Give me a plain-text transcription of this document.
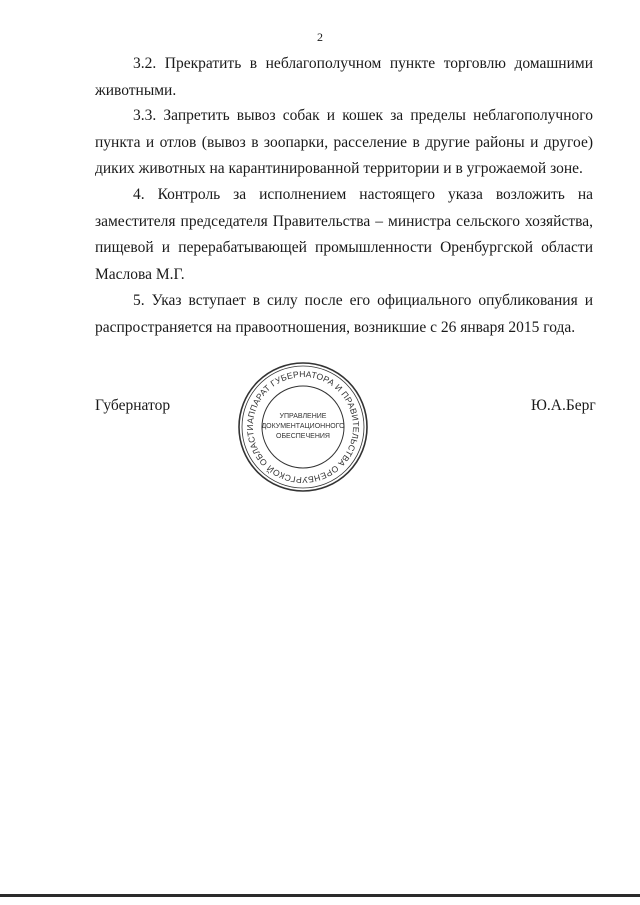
2

3.2. Прекратить в неблагополучном пункте торговлю домашними животными.

3.3. Запретить вывоз собак и кошек за пределы неблагополучного пункта и отлов (вывоз в зоопарки, расселение в другие районы и другое) диких животных на карантинированной территории и в угрожаемой зоне.

4. Контроль за исполнением настоящего указа возложить на заместителя председателя Правительства – министра сельского хозяйства, пищевой и перерабатывающей промышленности Оренбургской области Маслова М.Г.

5. Указ вступает в силу после его официального опубликования и распространяется на правоотношения, возникшие с 26 января 2015 года.

Губернатор
АППАРАТ ГУБЕРНАТОРА И ПРАВИТЕЛЬСТВА ОРЕНБУРГСКОЙ ОБЛАСТИ
УПРАВЛЕНИЕ
ДОКУМЕНТАЦИОННОГО
ОБЕСПЕЧЕНИЯ
Ю.А.Берг
